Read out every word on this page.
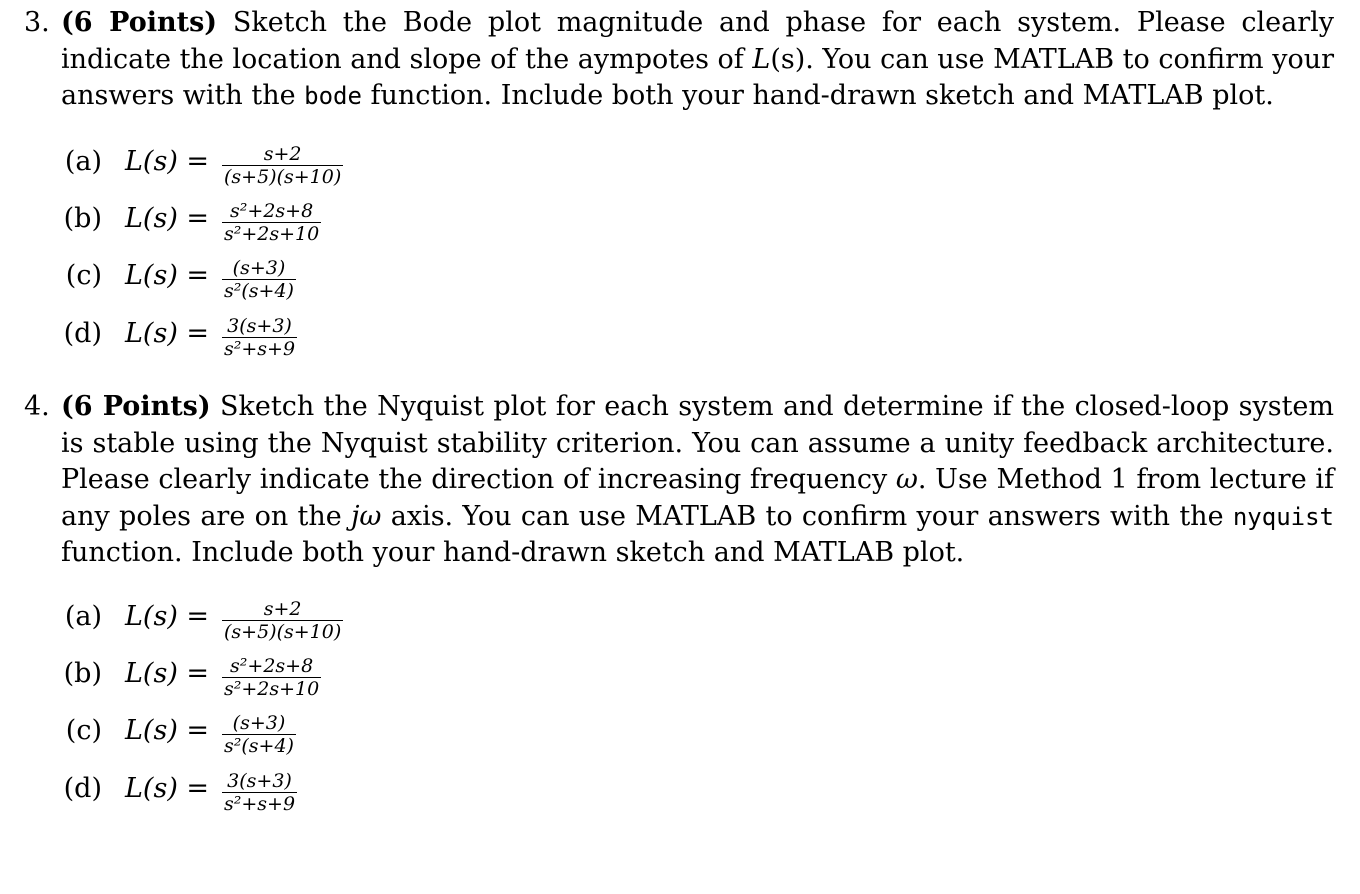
3. (6 Points) Sketch the Bode plot magnitude and phase for each system. Please clearly indicate the location and slope of the aympotes of L(s). You can use MATLAB to confirm your answers with the bode function. Include both your hand-drawn sketch and MATLAB plot.
(a) $L(s) = \frac{s+2}{(s+5)(s+10)}$
(b) $L(s) = \frac{\text{s²+2s+8}}{\text{s²+2s+10}}$
(c) $L(s) = \frac{(s+3)}{\text{s²(s+4)}}$
(d) $L(s) = \frac{3(s+3)}{\text{s²+s+9}}$
4. (6 Points) Sketch the Nyquist plot for each system and determine if the closed-loop system is stable using the Nyquist stability criterion. You can assume a unity feedback architecture. Please clearly indicate the direction of increasing frequency ω. Use Method 1 from lecture if any poles are on the jω axis. You can use MATLAB to confirm your answers with the nyquist function. Include both your hand-drawn sketch and MATLAB plot.
(a) $L(s) = \frac{s+2}{(s+5)(s+10)}$
(b) $L(s) = \frac{\text{s²+2s+8}}{\text{s²+2s+10}}$
(c) $L(s) = \frac{(s+3)}{\text{s²(s+4)}}$
(d) $L(s) = \frac{3(s+3)}{\text{s²+s+9}}$
